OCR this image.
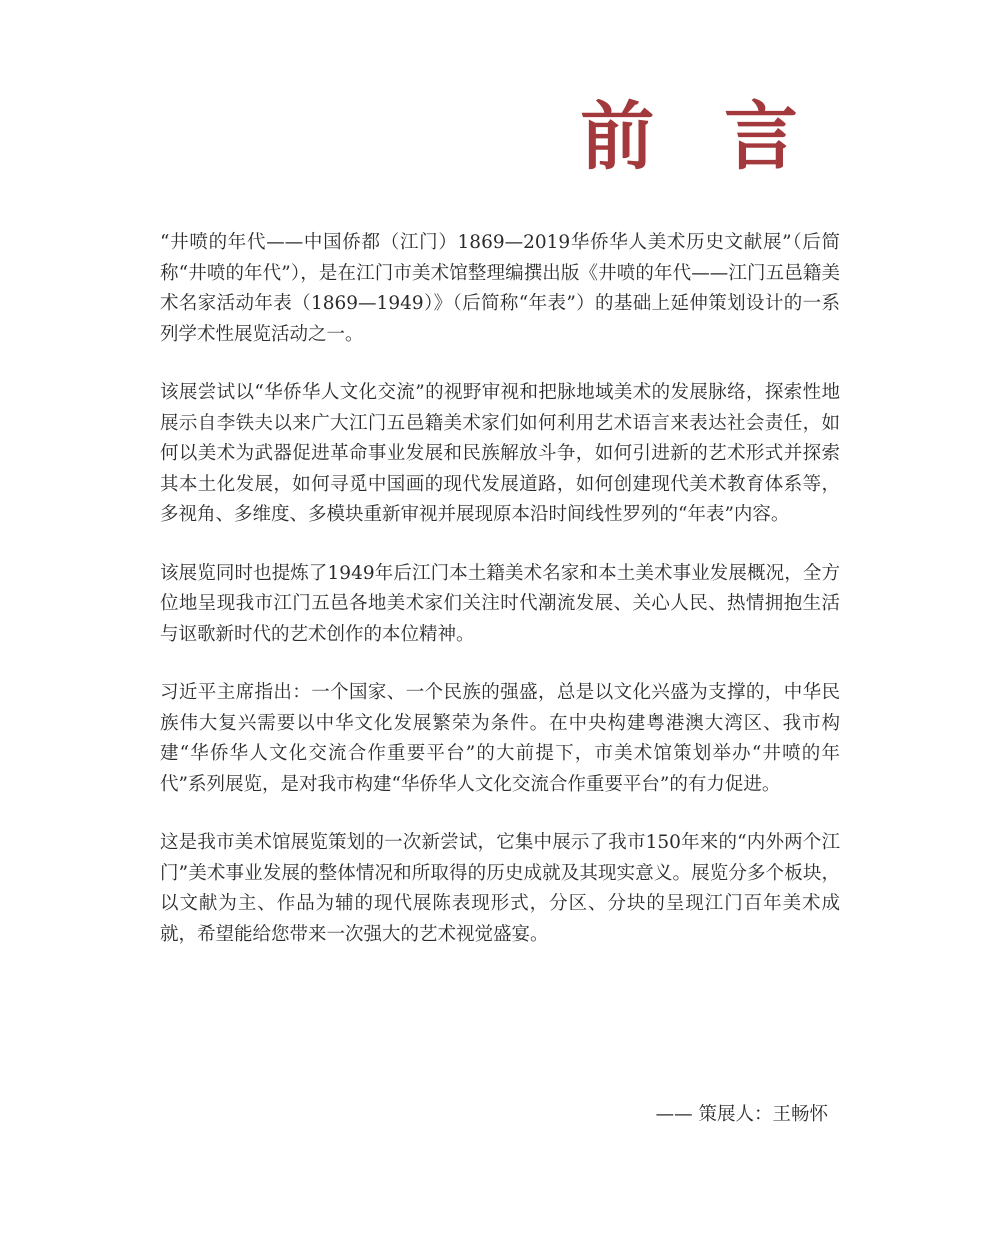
前 言

“井喷的年代——中国侨都（江门）1869—2019华侨华人美术历史文献展”（后简称“井喷的年代”），是在江门市美术馆整理编撰出版《井喷的年代——江门五邑籍美术名家活动年表（1869—1949）》（后简称“年表”）的基础上延伸策划设计的一系列学术性展览活动之一。

该展尝试以“华侨华人文化交流”的视野审视和把脉地域美术的发展脉络，探索性地展示自李铁夫以来广大江门五邑籍美术家们如何利用艺术语言来表达社会责任，如何以美术为武器促进革命事业发展和民族解放斗争，如何引进新的艺术形式并探索其本土化发展，如何寻觅中国画的现代发展道路，如何创建现代美术教育体系等，多视角、多维度、多模块重新审视并展现原本沿时间线性罗列的“年表”内容。

该展览同时也提炼了1949年后江门本土籍美术名家和本土美术事业发展概况，全方位地呈现我市江门五邑各地美术家们关注时代潮流发展、关心人民、热情拥抱生活与讴歌新时代的艺术创作的本位精神。

习近平主席指出：一个国家、一个民族的强盛，总是以文化兴盛为支撑的，中华民族伟大复兴需要以中华文化发展繁荣为条件。在中央构建粤港澳大湾区、我市构建“华侨华人文化交流合作重要平台”的大前提下，市美术馆策划举办“井喷的年代”系列展览，是对我市构建“华侨华人文化交流合作重要平台”的有力促进。

这是我市美术馆展览策划的一次新尝试，它集中展示了我市150年来的“内外两个江门”美术事业发展的整体情况和所取得的历史成就及其现实意义。展览分多个板块，以文献为主、作品为辅的现代展陈表现形式，分区、分块的呈现江门百年美术成就，希望能给您带来一次强大的艺术视觉盛宴。

—— 策展人：王畅怀
